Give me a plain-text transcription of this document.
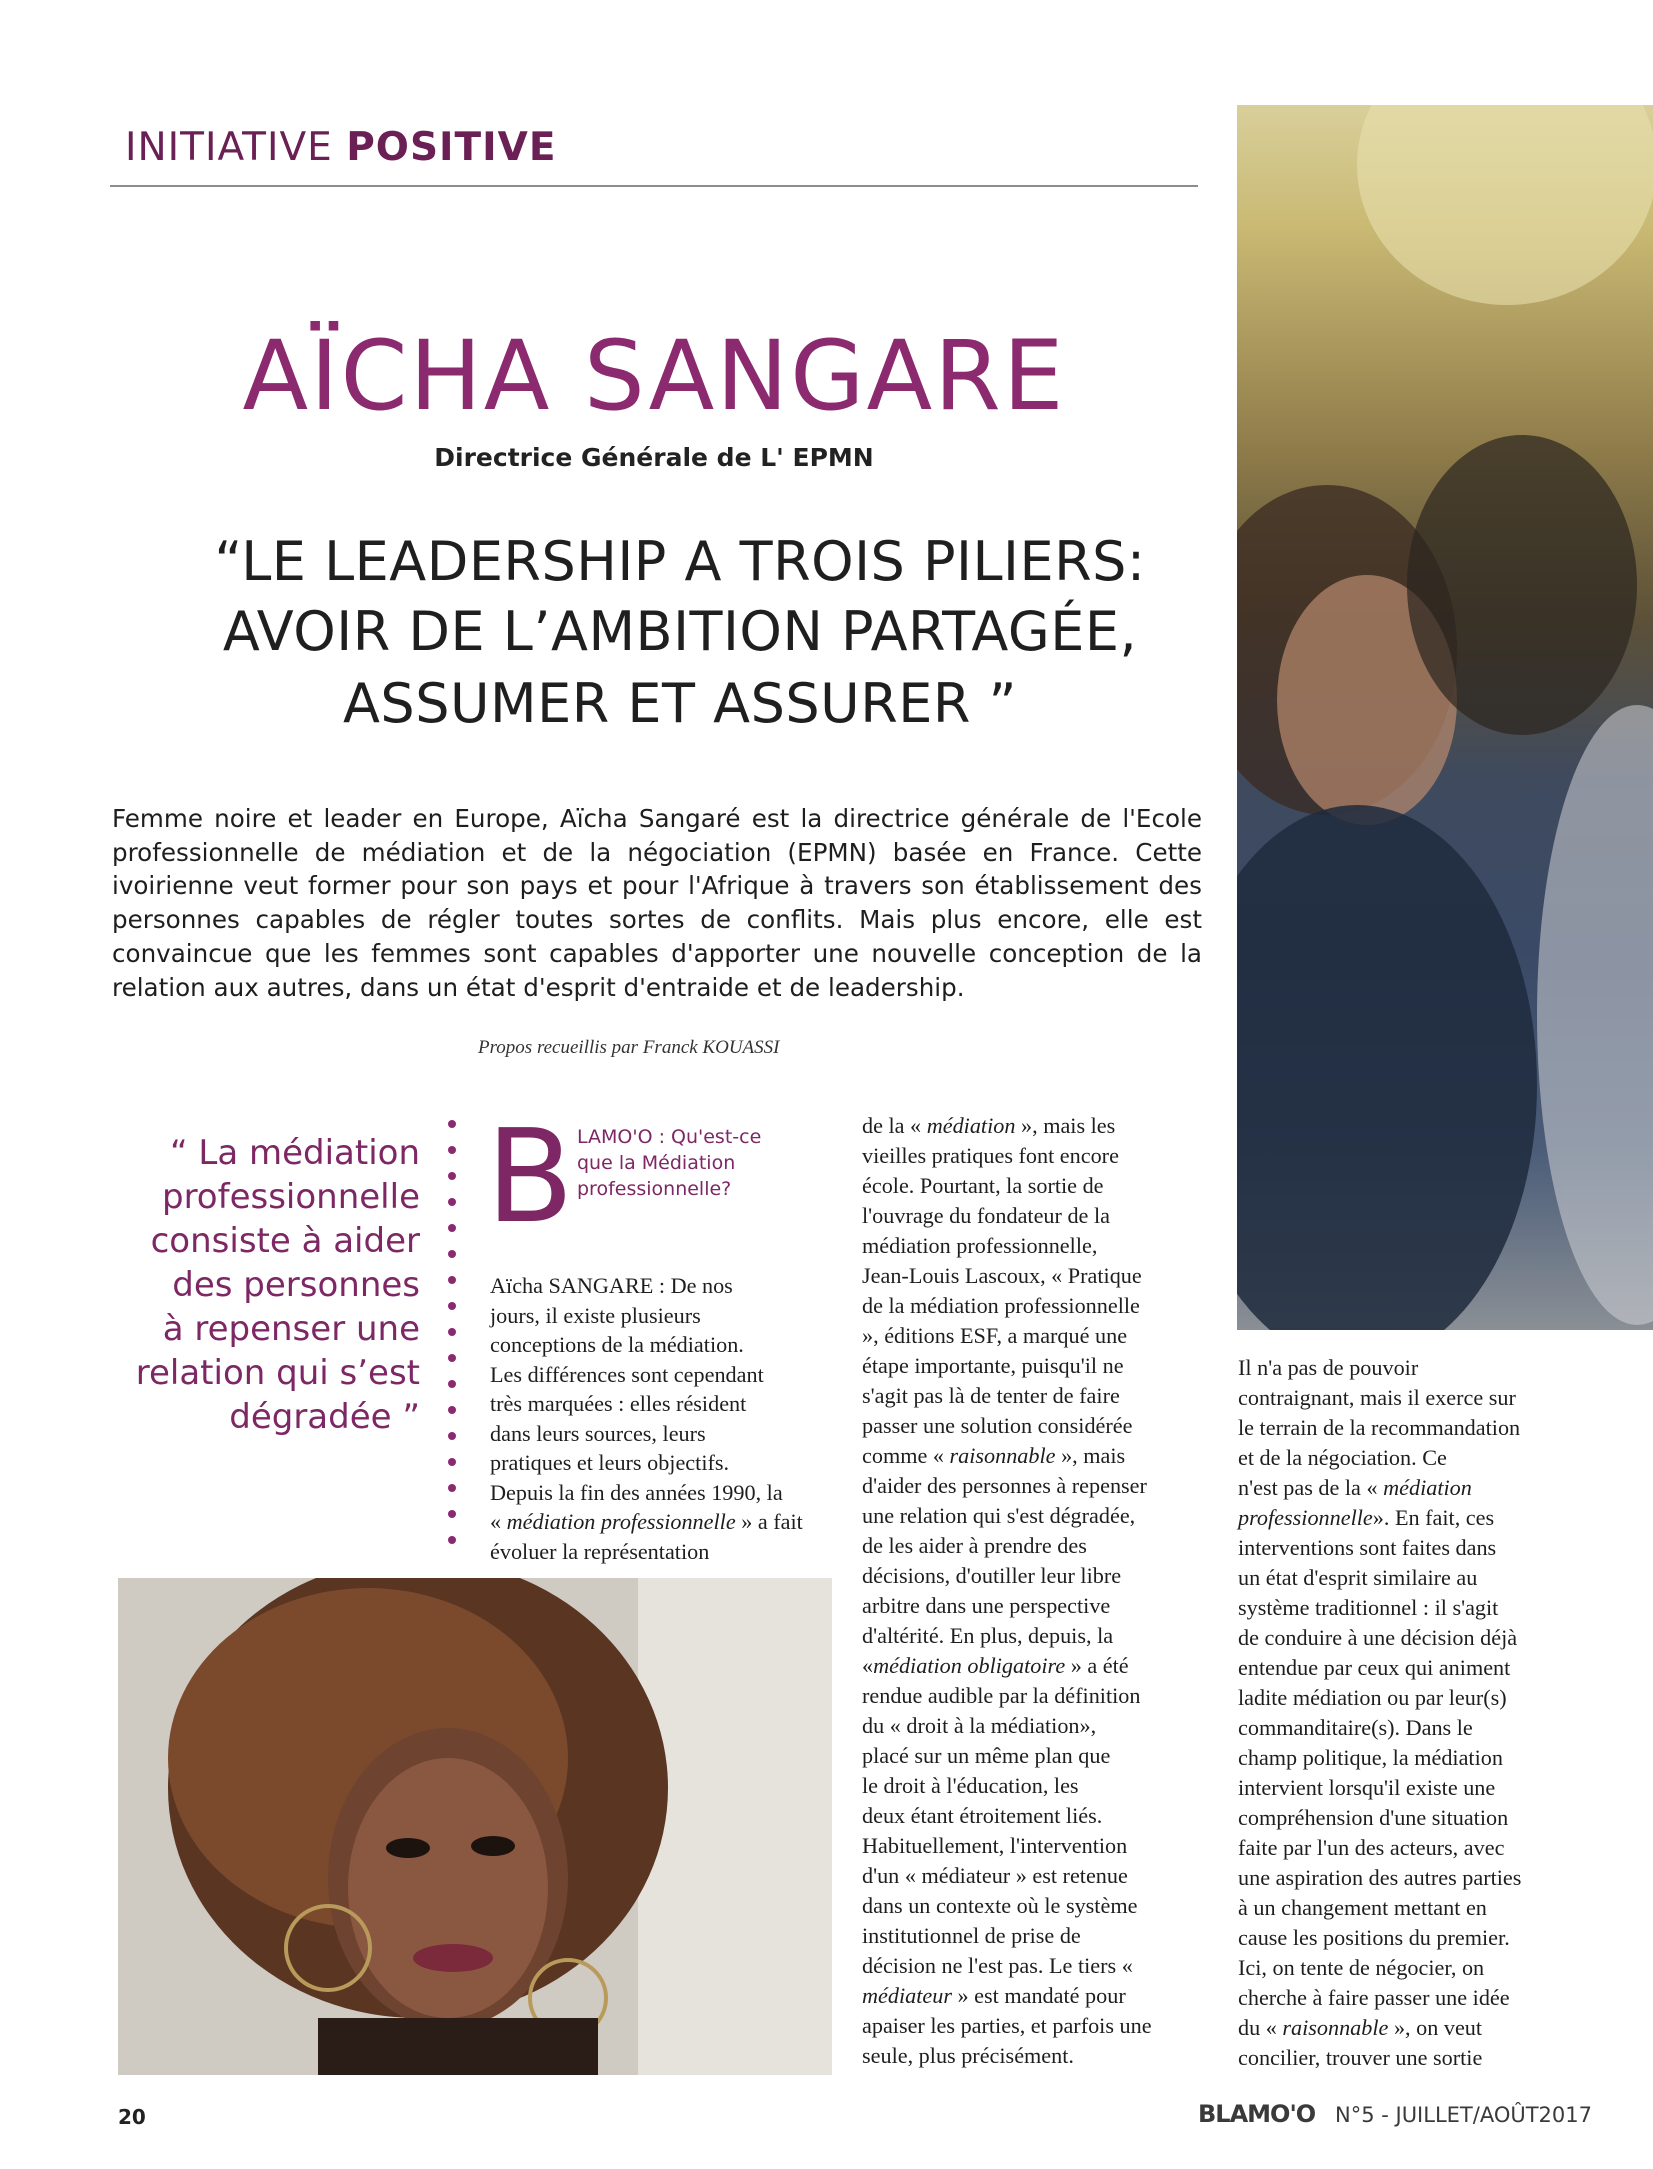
INITIATIVE POSITIVE
AÏCHA SANGARE
Directrice Générale de L' EPMN
“LE LEADERSHIP A TROIS PILIERS:
AVOIR DE L’AMBITION PARTAGÉE,
ASSUMER ET ASSURER ”
Femme noire et leader en Europe, Aïcha Sangaré est la directrice générale de l'Ecole professionnelle de médiation et de la négociation (EPMN) basée en France. Cette ivoirienne veut former pour son pays et pour l'Afrique à travers son établissement des personnes capables de régler toutes sortes de conflits. Mais plus encore, elle est convaincue que les femmes sont capables d'apporter une nouvelle conception de la relation aux autres, dans un état d'esprit d'entraide et de leadership.
Propos recueillis par Franck KOUASSI
“ La médiation
professionnelle
consiste à aider
des personnes
à repenser une
relation qui s’est
dégradée ”
B LAMO'O : Qu'est-ce
que la Médiation
professionnelle?
Aïcha SANGARE : De nos
jours, il existe plusieurs
conceptions de la médiation.
Les différences sont cependant
très marquées : elles résident
dans leurs sources, leurs
pratiques et leurs objectifs.
Depuis la fin des années 1990, la
« médiation professionnelle » a fait
évoluer la représentation
de la « médiation », mais les
vieilles pratiques font encore
école. Pourtant, la sortie de
l'ouvrage du fondateur de la
médiation professionnelle,
Jean-Louis Lascoux, « Pratique
de la médiation professionnelle
», éditions ESF, a marqué une
étape importante, puisqu'il ne
s'agit pas là de tenter de faire
passer une solution considérée
comme « raisonnable », mais
d'aider des personnes à repenser
une relation qui s'est dégradée,
de les aider à prendre des
décisions, d'outiller leur libre
arbitre dans une perspective
d'altérité. En plus, depuis, la
«médiation obligatoire » a été
rendue audible par la définition
du « droit à la médiation»,
placé sur un même plan que
le droit à l'éducation, les
deux étant étroitement liés.
Habituellement, l'intervention
d'un « médiateur » est retenue
dans un contexte où le système
institutionnel de prise de
décision ne l'est pas. Le tiers «
médiateur » est mandaté pour
apaiser les parties, et parfois une
seule, plus précisément.
Il n'a pas de pouvoir
contraignant, mais il exerce sur
le terrain de la recommandation
et de la négociation. Ce
n'est pas de la « médiation
professionnelle». En fait, ces
interventions sont faites dans
un état d'esprit similaire au
système traditionnel : il s'agit
de conduire à une décision déjà
entendue par ceux qui animent
ladite médiation ou par leur(s)
commanditaire(s). Dans le
champ politique, la médiation
intervient lorsqu'il existe une
compréhension d'une situation
faite par l'un des acteurs, avec
une aspiration des autres parties
à un changement mettant en
cause les positions du premier.
Ici, on tente de négocier, on
cherche à faire passer une idée
du « raisonnable », on veut
concilier, trouver une sortie
20	BLAMO'O N°5 - JUILLET/AOÛT2017
